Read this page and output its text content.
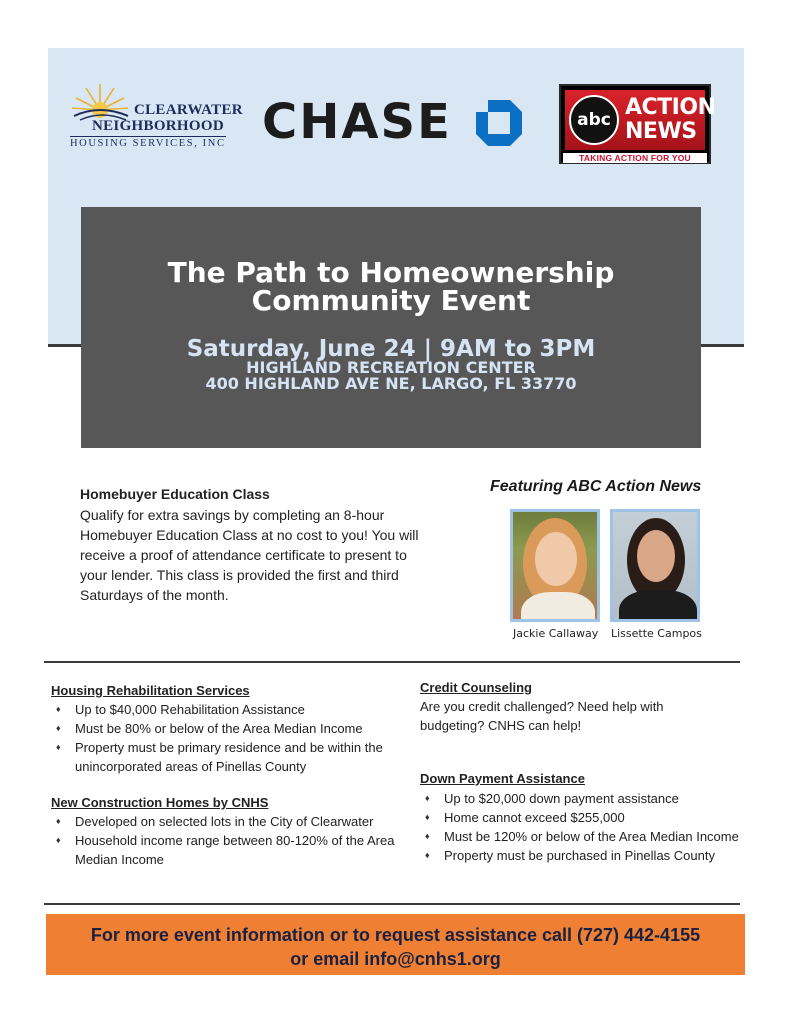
CLEARWATER
NEIGHBORHOOD
HOUSING SERVICES, INC CHASE	abc ACTION
NEWS
TAKING ACTION FOR YOU
The Path to Homeownership
Community Event
Saturday, June 24 | 9AM to 3PM
HIGHLAND RECREATION CENTER
400 HIGHLAND AVE NE, LARGO, FL 33770
Homebuyer Education Class
Qualify for extra savings by completing an 8-hour
Homebuyer Education Class at no cost to you! You will
receive a proof of attendance certificate to present to
your lender. This class is provided the first and third
Saturdays of the month.
Featuring ABC Action News
Jackie Callaway Lissette Campos
Housing Rehabilitation Services
♦ Up to $40,000 Rehabilitation Assistance
♦ Must be 80% or below of the Area Median Income
♦ Property must be primary residence and be within the unincorporated areas of Pinellas County
New Construction Homes by CNHS
♦ Developed on selected lots in the City of Clearwater
♦ Household income range between 80-120% of the Area Median Income
Credit Counseling
Are you credit challenged? Need help with budgeting? CNHS can help!
Down Payment Assistance
♦ Up to $20,000 down payment assistance
♦ Home cannot exceed $255,000
♦ Must be 120% or below of the Area Median Income
♦ Property must be purchased in Pinellas County
For more event information or to request assistance call (727) 442-4155
or email info@cnhs1.org
